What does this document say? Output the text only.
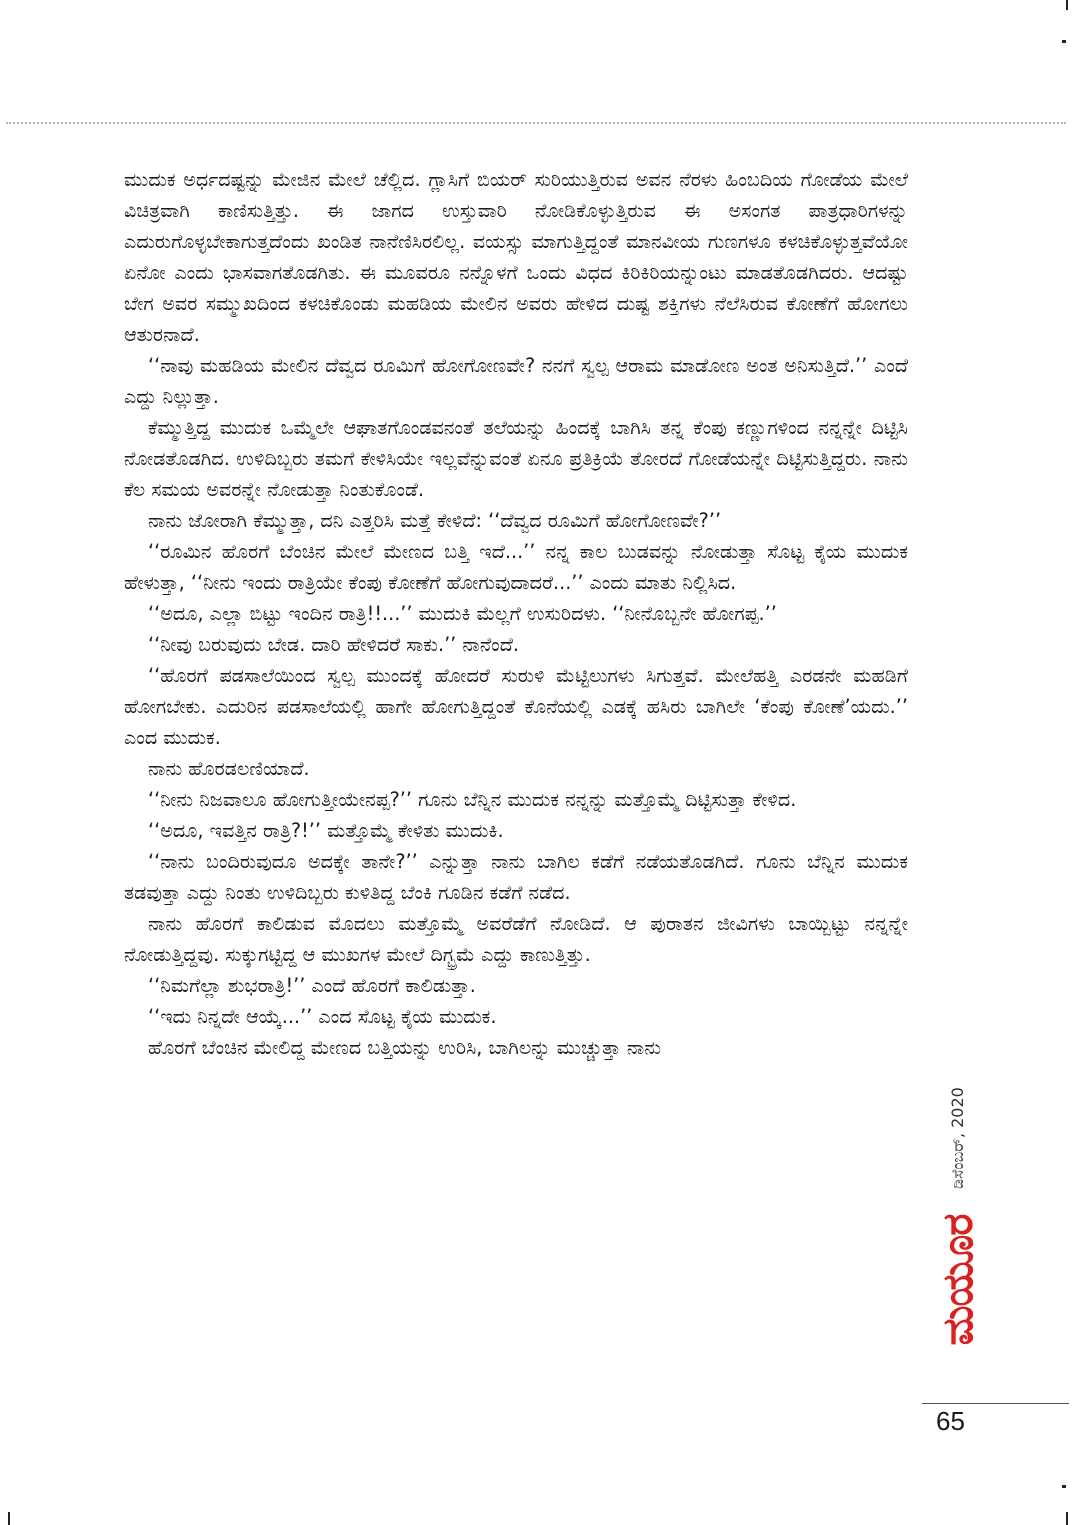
ಮುದುಕ ಅರ್ಧದಷ್ಟನ್ನು ಮೇಜಿನ ಮೇಲೆ ಚೆಲ್ಲಿದ. ಗ್ಲಾಸಿಗೆ ಬಿಯರ್ ಸುರಿಯುತ್ತಿರುವ ಅವನ ನೆರಳು ಹಿಂಬದಿಯ ಗೋಡೆಯ ಮೇಲೆ ವಿಚಿತ್ರವಾಗಿ ಕಾಣಿಸುತ್ತಿತ್ತು. ಈ ಜಾಗದ ಉಸ್ತುವಾರಿ ನೋಡಿಕೊಳ್ಳುತ್ತಿರುವ ಈ ಅಸಂಗತ ಪಾತ್ರಧಾರಿಗಳನ್ನು ಎದುರುಗೊಳ್ಳಬೇಕಾಗುತ್ತದೆಂದು ಖಂಡಿತ ನಾನೆಣಿಸಿರಲಿಲ್ಲ. ವಯಸ್ಸು ಮಾಗುತ್ತಿದ್ದಂತೆ ಮಾನವೀಯ ಗುಣಗಳೂ ಕಳಚಿಕೊಳ್ಳುತ್ತವೆಯೋ ಏನೋ ಎಂದು ಭಾಸವಾಗತೊಡಗಿತು. ಈ ಮೂವರೂ ನನ್ನೊಳಗೆ ಒಂದು ವಿಧದ ಕಿರಿಕಿರಿಯನ್ನುಂಟು ಮಾಡತೊಡಗಿದರು. ಆದಷ್ಟು ಬೇಗ ಅವರ ಸಮ್ಮುಖದಿಂದ ಕಳಚಿಕೊಂಡು ಮಹಡಿಯ ಮೇಲಿನ ಅವರು ಹೇಳಿದ ದುಷ್ಟ ಶಕ್ತಿಗಳು ನೆಲೆಸಿರುವ ಕೋಣೆಗೆ ಹೋಗಲು ಆತುರನಾದೆ.

‘‘ನಾವು ಮಹಡಿಯ ಮೇಲಿನ ದೆವ್ವದ ರೂಮಿಗೆ ಹೋಗೋಣವೇ? ನನಗೆ ಸ್ವಲ್ಪ ಆರಾಮ ಮಾಡೋಣ ಅಂತ ಅನಿಸುತ್ತಿದೆ.’’ ಎಂದೆ ಎದ್ದು ನಿಲ್ಲುತ್ತಾ.

ಕೆಮ್ಮುತ್ತಿದ್ದ ಮುದುಕ ಒಮ್ಮೆಲೇ ಆಘಾತಗೊಂಡವನಂತೆ ತಲೆಯನ್ನು ಹಿಂದಕ್ಕೆ ಬಾಗಿಸಿ ತನ್ನ ಕೆಂಪು ಕಣ್ಣುಗಳಿಂದ ನನ್ನನ್ನೇ ದಿಟ್ಟಿಸಿ ನೋಡತೊಡಗಿದ. ಉಳಿದಿಬ್ಬರು ತಮಗೆ ಕೇಳಿಸಿಯೇ ಇಲ್ಲವೆನ್ನುವಂತೆ ಏನೂ ಪ್ರತಿಕ್ರಿಯೆ ತೋರದೆ ಗೋಡೆಯನ್ನೇ ದಿಟ್ಟಿಸುತ್ತಿದ್ದರು. ನಾನು ಕೆಲ ಸಮಯ ಅವರನ್ನೇ ನೋಡುತ್ತಾ ನಿಂತುಕೊಂಡೆ.

ನಾನು ಜೋರಾಗಿ ಕೆಮ್ಮುತ್ತಾ, ದನಿ ಎತ್ತರಿಸಿ ಮತ್ತೆ ಕೇಳಿದೆ: ‘‘ದೆವ್ವದ ರೂಮಿಗೆ ಹೋಗೋಣವೇ?’’

‘‘ರೂಮಿನ ಹೊರಗೆ ಬೆಂಚಿನ ಮೇಲೆ ಮೇಣದ ಬತ್ತಿ ಇದೆ...’’ ನನ್ನ ಕಾಲ ಬುಡವನ್ನು ನೋಡುತ್ತಾ ಸೊಟ್ಟ ಕೈಯ ಮುದುಕ ಹೇಳುತ್ತಾ, ‘‘ನೀನು ಇಂದು ರಾತ್ರಿಯೇ ಕೆಂಪು ಕೋಣೆಗೆ ಹೋಗುವುದಾದರೆ...’’ ಎಂದು ಮಾತು ನಿಲ್ಲಿಸಿದ.

‘‘ಅದೂ, ಎಲ್ಲಾ ಬಿಟ್ಟು ಇಂದಿನ ರಾತ್ರಿ!!...’’ ಮುದುಕಿ ಮೆಲ್ಲಗೆ ಉಸುರಿದಳು. ‘‘ನೀನೊಬ್ಬನೇ ಹೋಗಪ್ಪ.’’

‘‘ನೀವು ಬರುವುದು ಬೇಡ. ದಾರಿ ಹೇಳಿದರೆ ಸಾಕು.’’ ನಾನೆಂದೆ.

‘‘ಹೊರಗೆ ಪಡಸಾಲೆಯಿಂದ ಸ್ವಲ್ಪ ಮುಂದಕ್ಕೆ ಹೋದರೆ ಸುರುಳಿ ಮೆಟ್ಟಿಲುಗಳು ಸಿಗುತ್ತವೆ. ಮೇಲೆಹತ್ತಿ ಎರಡನೇ ಮಹಡಿಗೆ ಹೋಗಬೇಕು. ಎದುರಿನ ಪಡಸಾಲೆಯಲ್ಲಿ ಹಾಗೇ ಹೋಗುತ್ತಿದ್ದಂತೆ ಕೊನೆಯಲ್ಲಿ ಎಡಕ್ಕೆ ಹಸಿರು ಬಾಗಿಲೇ ‘ಕೆಂಪು ಕೋಣೆ’ಯದು.’’ ಎಂದ ಮುದುಕ.

ನಾನು ಹೊರಡಲಣಿಯಾದೆ.

‘‘ನೀನು ನಿಜವಾಲೂ ಹೋಗುತ್ತೀಯೇನಪ್ಪ?’’ ಗೂನು ಬೆನ್ನಿನ ಮುದುಕ ನನ್ನನ್ನು ಮತ್ತೊಮ್ಮೆ ದಿಟ್ಟಿಸುತ್ತಾ ಕೇಳಿದ.

‘‘ಅದೂ, ಇವತ್ತಿನ ರಾತ್ರಿ?!’’ ಮತ್ತೊಮ್ಮೆ ಕೇಳಿತು ಮುದುಕಿ.

‘‘ನಾನು ಬಂದಿರುವುದೂ ಅದಕ್ಕೇ ತಾನೇ?’’ ಎನ್ನುತ್ತಾ ನಾನು ಬಾಗಿಲ ಕಡೆಗೆ ನಡೆಯತೊಡಗಿದೆ. ಗೂನು ಬೆನ್ನಿನ ಮುದುಕ ತಡವುತ್ತಾ ಎದ್ದು ನಿಂತು ಉಳಿದಿಬ್ಬರು ಕುಳಿತಿದ್ದ ಬೆಂಕಿ ಗೂಡಿನ ಕಡೆಗೆ ನಡೆದ.

ನಾನು ಹೊರಗೆ ಕಾಲಿಡುವ ಮೊದಲು ಮತ್ತೊಮ್ಮೆ ಅವರೆಡೆಗೆ ನೋಡಿದೆ. ಆ ಪುರಾತನ ಜೀವಿಗಳು ಬಾಯ್ಬಿಟ್ಟು ನನ್ನನ್ನೇ ನೋಡುತ್ತಿದ್ದವು. ಸುಕ್ಕುಗಟ್ಟಿದ್ದ ಆ ಮುಖಗಳ ಮೇಲೆ ದಿಗ್ಭ್ರಮೆ ಎದ್ದು ಕಾಣುತ್ತಿತ್ತು.

‘‘ನಿಮಗೆಲ್ಲಾ ಶುಭರಾತ್ರಿ!’’ ಎಂದೆ ಹೊರಗೆ ಕಾಲಿಡುತ್ತಾ.

‘‘ಇದು ನಿನ್ನದೇ ಆಯ್ಕೆ...’’ ಎಂದ ಸೊಟ್ಟ ಕೈಯ ಮುದುಕ.

ಹೊರಗೆ ಬೆಂಚಿನ ಮೇಲಿದ್ದ ಮೇಣದ ಬತ್ತಿಯನ್ನು ಉರಿಸಿ, ಬಾಗಿಲನ್ನು ಮುಚ್ಚುತ್ತಾ ನಾನು

ಡಿಸೆಂಬರ್, 2020
ಮಯೂರ
65
